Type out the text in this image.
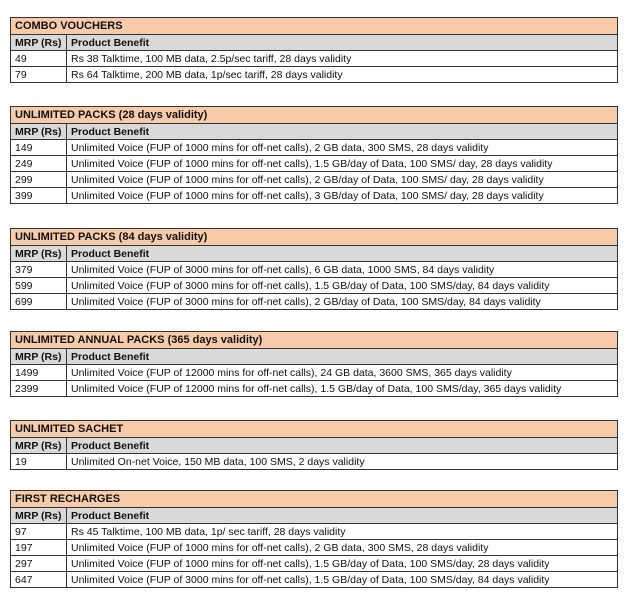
COMBO VOUCHERS	
MRP (Rs)	Product Benefit
49	Rs 38 Talktime, 100 MB data, 2.5p/sec tariff, 28 days validity
79	Rs 64 Talktime, 200 MB data, 1p/sec tariff, 28 days validity
UNLIMITED PACKS (28 days validity)	
MRP (Rs)	Product Benefit
149	Unlimited Voice (FUP of 1000 mins for off-net calls), 2 GB data, 300 SMS, 28 days validity
249	Unlimited Voice (FUP of 1000 mins for off-net calls), 1.5 GB/day of Data, 100 SMS/ day, 28 days validity
299	Unlimited Voice (FUP of 1000 mins for off-net calls), 2 GB/day of Data, 100 SMS/ day, 28 days validity
399	Unlimited Voice (FUP of 1000 mins for off-net calls), 3 GB/day of Data, 100 SMS/ day, 28 days validity
UNLIMITED PACKS (84 days validity)	
MRP (Rs)	Product Benefit
379	Unlimited Voice (FUP of 3000 mins for off-net calls), 6 GB data, 1000 SMS, 84 days validity
599	Unlimited Voice (FUP of 3000 mins for off-net calls), 1.5 GB/day of Data, 100 SMS/day, 84 days validity
699	Unlimited Voice (FUP of 3000 mins for off-net calls), 2 GB/day of Data, 100 SMS/day, 84 days validity
UNLIMITED ANNUAL PACKS (365 days validity)	
MRP (Rs)	Product Benefit
1499	Unlimited Voice (FUP of 12000 mins for off-net calls), 24 GB data, 3600 SMS, 365 days validity
2399	Unlimited Voice (FUP of 12000 mins for off-net calls), 1.5 GB/day of Data, 100 SMS/day, 365 days validity
UNLIMITED SACHET	
MRP (Rs)	Product Benefit
19	Unlimited On-net Voice, 150 MB data, 100 SMS, 2 days validity
FIRST RECHARGES	
MRP (Rs)	Product Benefit
97	Rs 45 Talktime, 100 MB data, 1p/ sec tariff, 28 days validity
197	Unlimited Voice (FUP of 1000 mins for off-net calls), 2 GB data, 300 SMS, 28 days validity
297	Unlimited Voice (FUP of 1000 mins for off-net calls), 1.5 GB/day of Data, 100 SMS/day, 28 days validity
647	Unlimited Voice (FUP of 3000 mins for off-net calls), 1.5 GB/day of Data, 100 SMS/day, 84 days validity
